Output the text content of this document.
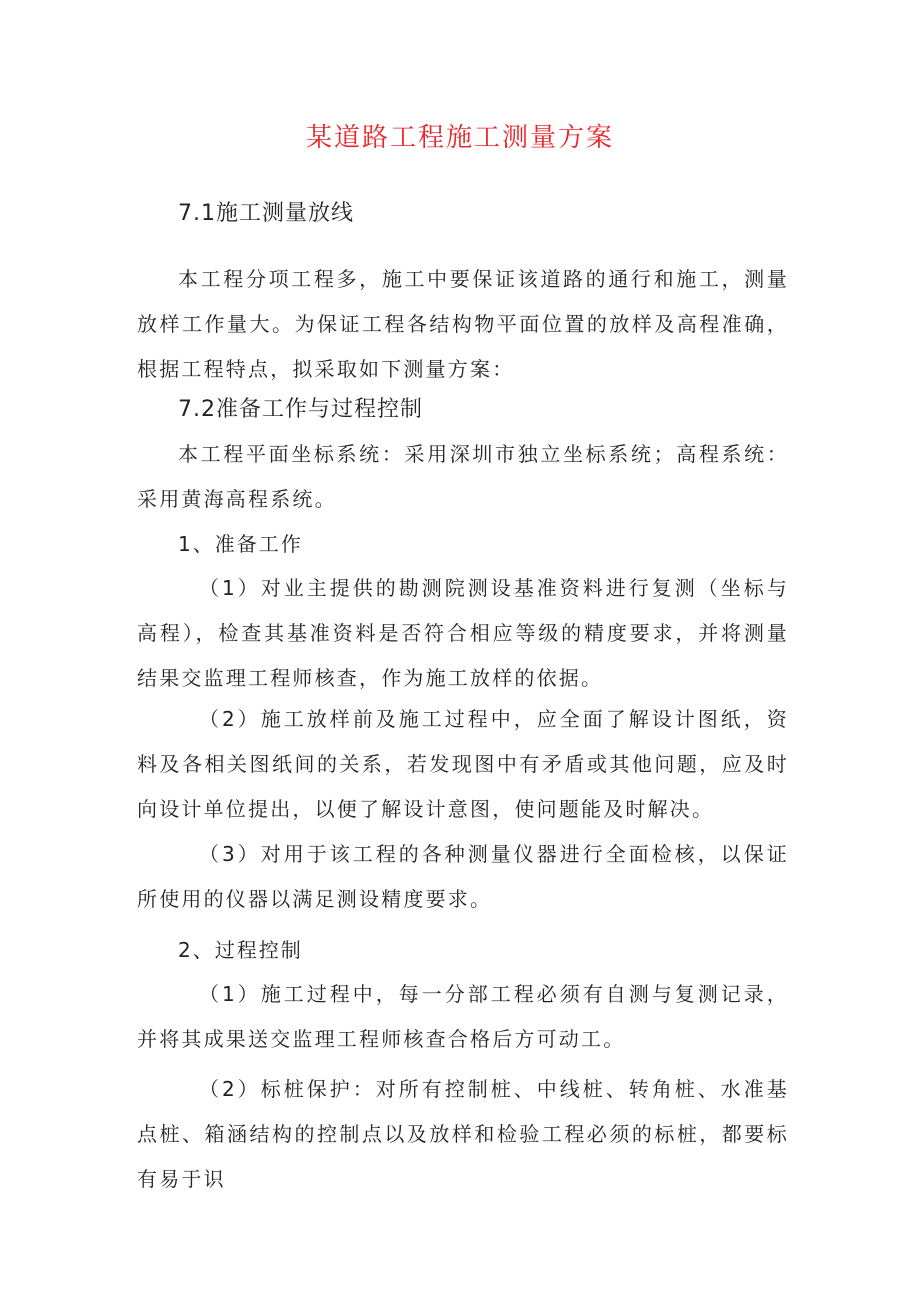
某道路工程施工测量方案
7.1施工测量放线

本工程分项工程多，施工中要保证该道路的通行和施工，测量放样工作量大。为保证工程各结构物平面位置的放样及高程准确，根据工程特点，拟采取如下测量方案：

7.2准备工作与过程控制

本工程平面坐标系统：采用深圳市独立坐标系统；高程系统：采用黄海高程系统。

1、准备工作

（1）对业主提供的勘测院测设基准资料进行复测（坐标与高程），检查其基准资料是否符合相应等级的精度要求，并将测量结果交监理工程师核查，作为施工放样的依据。

（2）施工放样前及施工过程中，应全面了解设计图纸，资料及各相关图纸间的关系，若发现图中有矛盾或其他问题，应及时向设计单位提出，以便了解设计意图，使问题能及时解决。

（3）对用于该工程的各种测量仪器进行全面检核，以保证所使用的仪器以满足测设精度要求。

2、过程控制

（1）施工过程中，每一分部工程必须有自测与复测记录，并将其成果送交监理工程师核查合格后方可动工。

（2）标桩保护：对所有控制桩、中线桩、转角桩、水准基点桩、箱涵结构的控制点以及放样和检验工程必须的标桩，都要标有易于识
